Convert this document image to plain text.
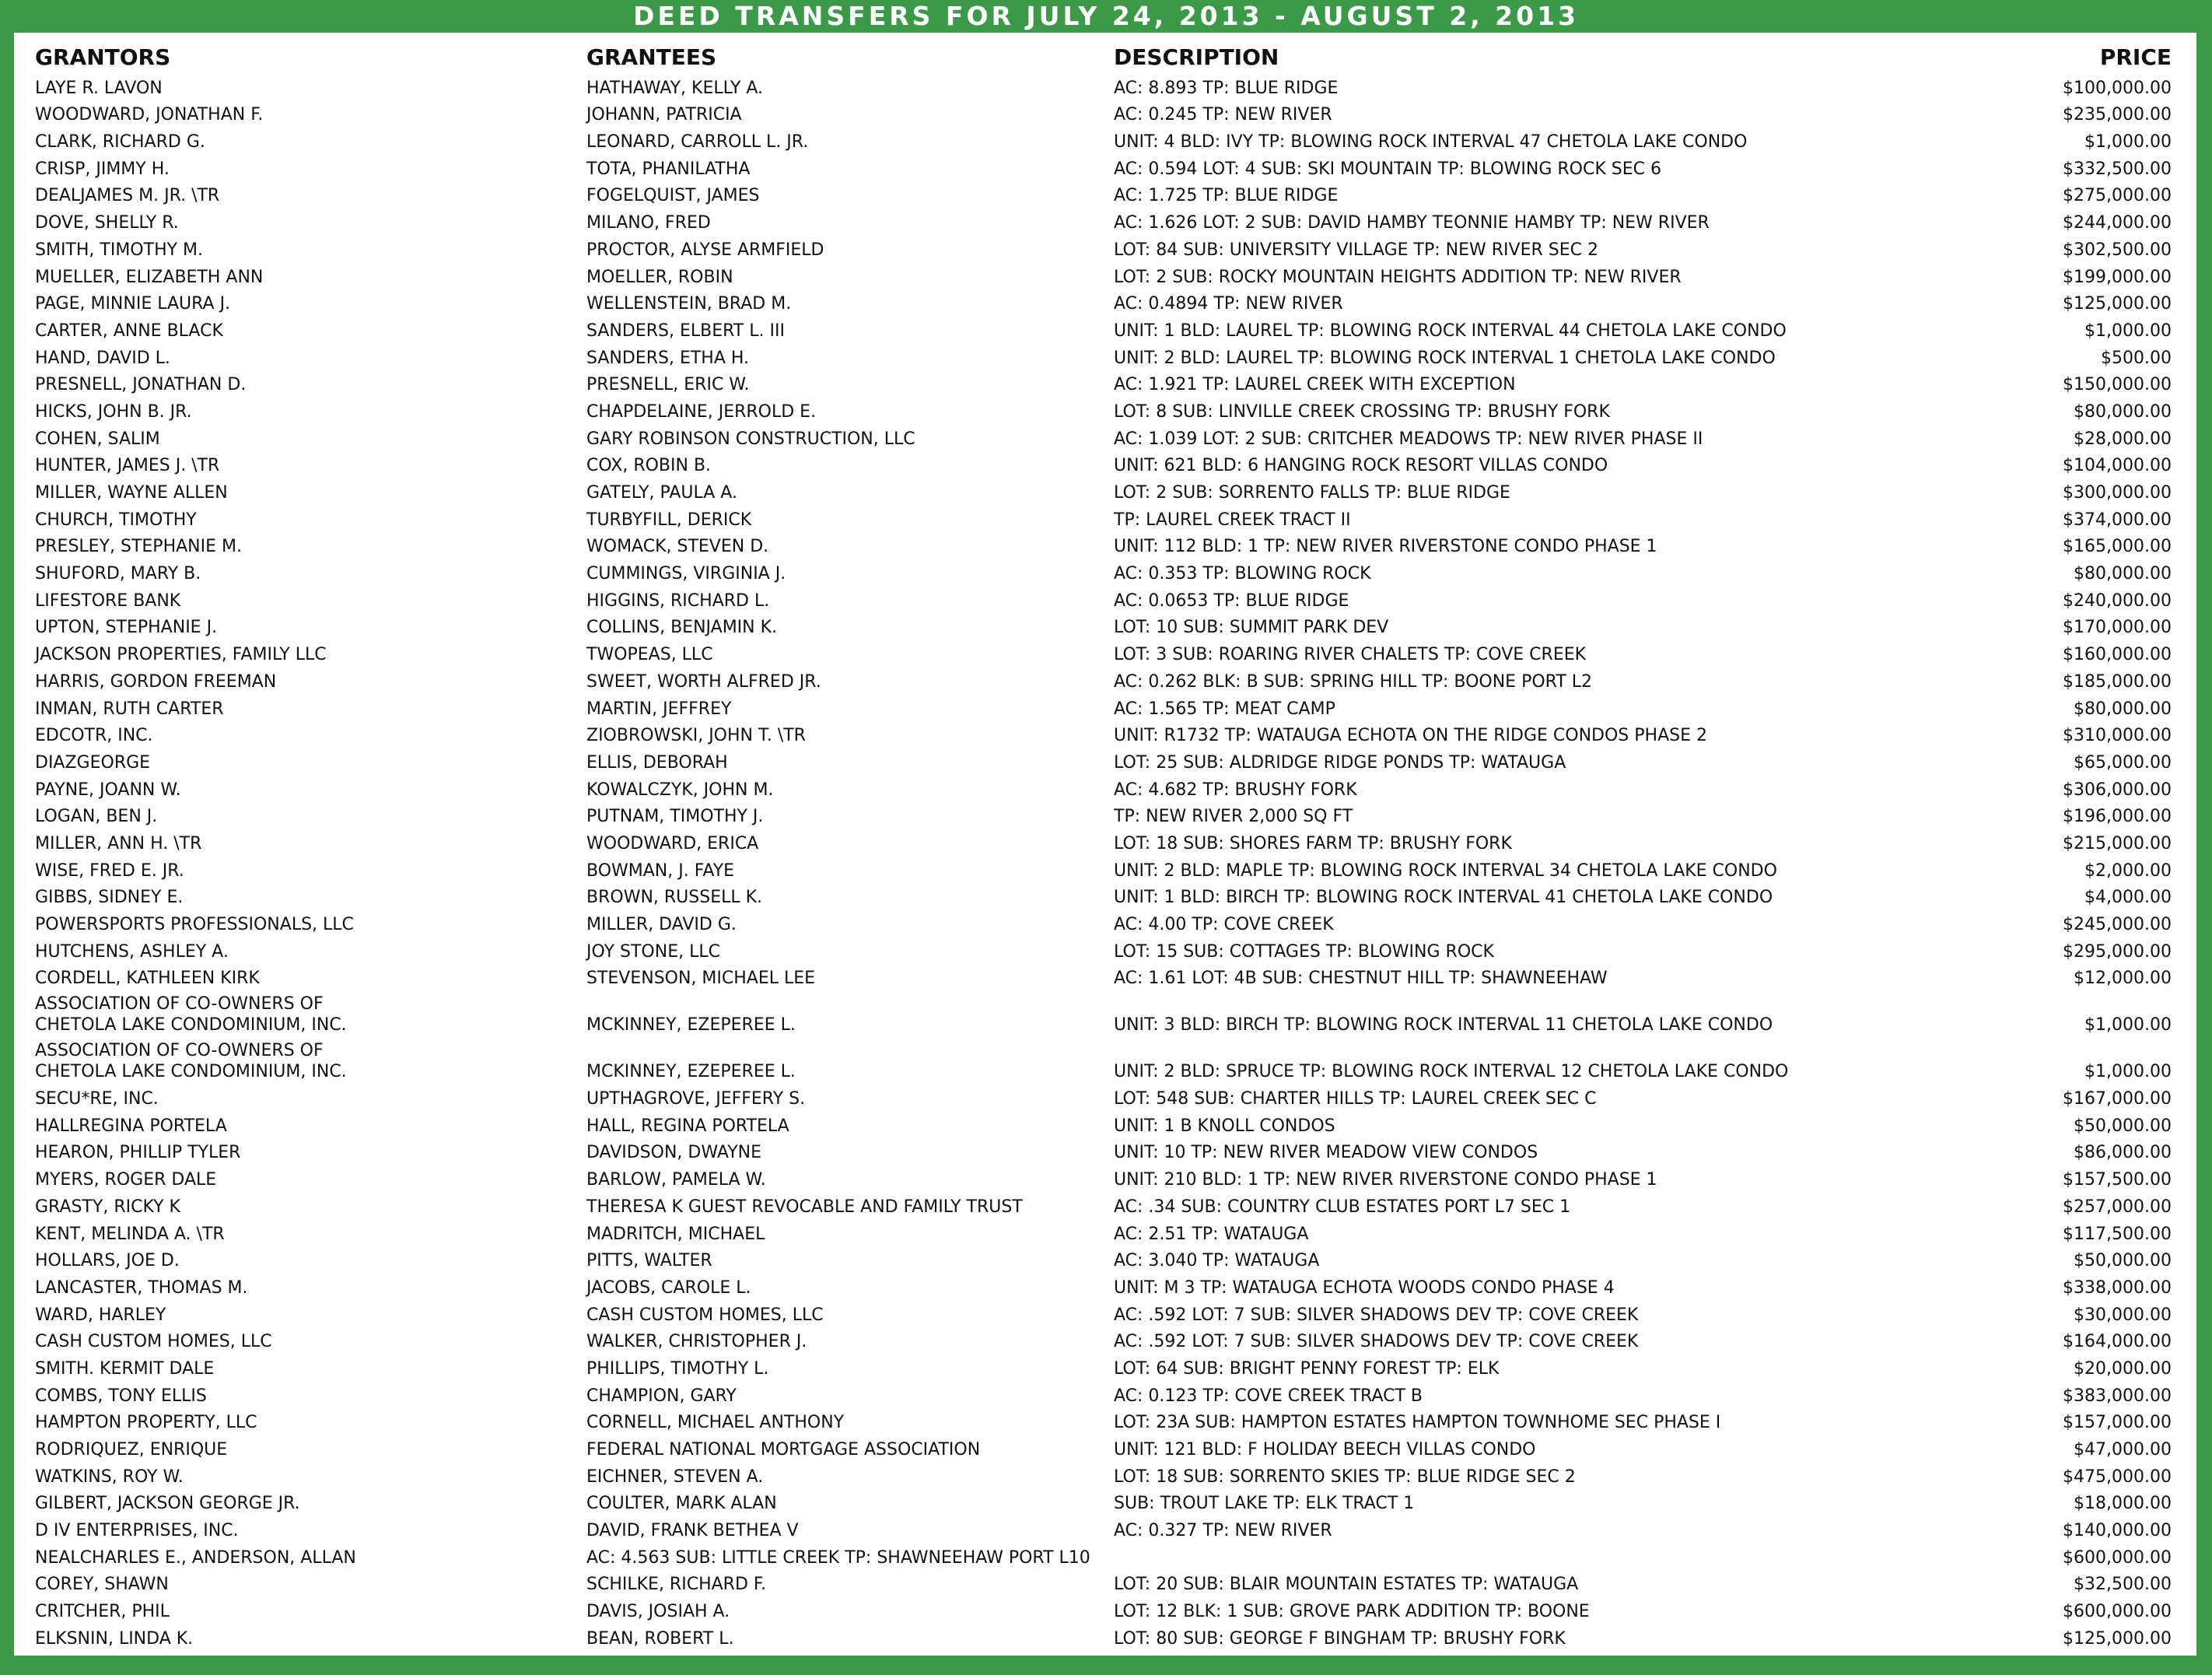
DEED TRANSFERS FOR JULY 24, 2013 - AUGUST 2, 2013
GRANTORS	GRANTEES	DESCRIPTION	PRICE
LAYE R. LAVON	HATHAWAY, KELLY A.	AC: 8.893 TP: BLUE RIDGE	$100,000.00
WOODWARD, JONATHAN F.	JOHANN, PATRICIA	AC: 0.245 TP: NEW RIVER	$235,000.00
CLARK, RICHARD G.	LEONARD, CARROLL L. JR.	UNIT: 4 BLD: IVY TP: BLOWING ROCK INTERVAL 47 CHETOLA LAKE CONDO	$1,000.00
CRISP, JIMMY H.	TOTA, PHANILATHA	AC: 0.594 LOT: 4 SUB: SKI MOUNTAIN TP: BLOWING ROCK SEC 6	$332,500.00
DEALJAMES M. JR. \TR	FOGELQUIST, JAMES	AC: 1.725 TP: BLUE RIDGE	$275,000.00
DOVE, SHELLY R.	MILANO, FRED	AC: 1.626 LOT: 2 SUB: DAVID HAMBY TEONNIE HAMBY TP: NEW RIVER	$244,000.00
SMITH, TIMOTHY M.	PROCTOR, ALYSE ARMFIELD	LOT: 84 SUB: UNIVERSITY VILLAGE TP: NEW RIVER SEC 2	$302,500.00
MUELLER, ELIZABETH ANN	MOELLER, ROBIN	LOT: 2 SUB: ROCKY MOUNTAIN HEIGHTS ADDITION TP: NEW RIVER	$199,000.00
PAGE, MINNIE LAURA J.	WELLENSTEIN, BRAD M.	AC: 0.4894 TP: NEW RIVER	$125,000.00
CARTER, ANNE BLACK	SANDERS, ELBERT L. III	UNIT: 1 BLD: LAUREL TP: BLOWING ROCK INTERVAL 44 CHETOLA LAKE CONDO	$1,000.00
HAND, DAVID L.	SANDERS, ETHA H.	UNIT: 2 BLD: LAUREL TP: BLOWING ROCK INTERVAL 1 CHETOLA LAKE CONDO	$500.00
PRESNELL, JONATHAN D.	PRESNELL, ERIC W.	AC: 1.921 TP: LAUREL CREEK WITH EXCEPTION	$150,000.00
HICKS, JOHN B. JR.	CHAPDELAINE, JERROLD E.	LOT: 8 SUB: LINVILLE CREEK CROSSING TP: BRUSHY FORK	$80,000.00
COHEN, SALIM	GARY ROBINSON CONSTRUCTION, LLC	AC: 1.039 LOT: 2 SUB: CRITCHER MEADOWS TP: NEW RIVER PHASE II	$28,000.00
HUNTER, JAMES J. \TR	COX, ROBIN B.	UNIT: 621 BLD: 6 HANGING ROCK RESORT VILLAS CONDO	$104,000.00
MILLER, WAYNE ALLEN	GATELY, PAULA A.	LOT: 2 SUB: SORRENTO FALLS TP: BLUE RIDGE	$300,000.00
CHURCH, TIMOTHY	TURBYFILL, DERICK	TP: LAUREL CREEK TRACT II	$374,000.00
PRESLEY, STEPHANIE M.	WOMACK, STEVEN D.	UNIT: 112 BLD: 1 TP: NEW RIVER RIVERSTONE CONDO PHASE 1	$165,000.00
SHUFORD, MARY B.	CUMMINGS, VIRGINIA J.	AC: 0.353 TP: BLOWING ROCK	$80,000.00
LIFESTORE BANK	HIGGINS, RICHARD L.	AC: 0.0653 TP: BLUE RIDGE	$240,000.00
UPTON, STEPHANIE J.	COLLINS, BENJAMIN K.	LOT: 10 SUB: SUMMIT PARK DEV	$170,000.00
JACKSON PROPERTIES, FAMILY LLC	TWOPEAS, LLC	LOT: 3 SUB: ROARING RIVER CHALETS TP: COVE CREEK	$160,000.00
HARRIS, GORDON FREEMAN	SWEET, WORTH ALFRED JR.	AC: 0.262 BLK: B SUB: SPRING HILL TP: BOONE PORT L2	$185,000.00
INMAN, RUTH CARTER	MARTIN, JEFFREY	AC: 1.565 TP: MEAT CAMP	$80,000.00
EDCOTR, INC.	ZIOBROWSKI, JOHN T. \TR	UNIT: R1732 TP: WATAUGA ECHOTA ON THE RIDGE CONDOS PHASE 2	$310,000.00
DIAZGEORGE	ELLIS, DEBORAH	LOT: 25 SUB: ALDRIDGE RIDGE PONDS TP: WATAUGA	$65,000.00
PAYNE, JOANN W.	KOWALCZYK, JOHN M.	AC: 4.682 TP: BRUSHY FORK	$306,000.00
LOGAN, BEN J.	PUTNAM, TIMOTHY J.	TP: NEW RIVER 2,000 SQ FT	$196,000.00
MILLER, ANN H. \TR	WOODWARD, ERICA	LOT: 18 SUB: SHORES FARM TP: BRUSHY FORK	$215,000.00
WISE, FRED E. JR.	BOWMAN, J. FAYE	UNIT: 2 BLD: MAPLE TP: BLOWING ROCK INTERVAL 34 CHETOLA LAKE CONDO	$2,000.00
GIBBS, SIDNEY E.	BROWN, RUSSELL K.	UNIT: 1 BLD: BIRCH TP: BLOWING ROCK INTERVAL 41 CHETOLA LAKE CONDO	$4,000.00
POWERSPORTS PROFESSIONALS, LLC	MILLER, DAVID G.	AC: 4.00 TP: COVE CREEK	$245,000.00
HUTCHENS, ASHLEY A.	JOY STONE, LLC	LOT: 15 SUB: COTTAGES TP: BLOWING ROCK	$295,000.00
CORDELL, KATHLEEN KIRK	STEVENSON, MICHAEL LEE	AC: 1.61 LOT: 4B SUB: CHESTNUT HILL TP: SHAWNEEHAW	$12,000.00
ASSOCIATION OF CO-OWNERS OF
CHETOLA LAKE CONDOMINIUM, INC.	MCKINNEY, EZEPEREE L.	UNIT: 3 BLD: BIRCH TP: BLOWING ROCK INTERVAL 11 CHETOLA LAKE CONDO	$1,000.00
ASSOCIATION OF CO-OWNERS OF
CHETOLA LAKE CONDOMINIUM, INC.	MCKINNEY, EZEPEREE L.	UNIT: 2 BLD: SPRUCE TP: BLOWING ROCK INTERVAL 12 CHETOLA LAKE CONDO	$1,000.00
SECU*RE, INC.	UPTHAGROVE, JEFFERY S.	LOT: 548 SUB: CHARTER HILLS TP: LAUREL CREEK SEC C	$167,000.00
HALLREGINA PORTELA	HALL, REGINA PORTELA	UNIT: 1 B KNOLL CONDOS	$50,000.00
HEARON, PHILLIP TYLER	DAVIDSON, DWAYNE	UNIT: 10 TP: NEW RIVER MEADOW VIEW CONDOS	$86,000.00
MYERS, ROGER DALE	BARLOW, PAMELA W.	UNIT: 210 BLD: 1 TP: NEW RIVER RIVERSTONE CONDO PHASE 1	$157,500.00
GRASTY, RICKY K	THERESA K GUEST REVOCABLE AND FAMILY TRUST	AC: .34 SUB: COUNTRY CLUB ESTATES PORT L7 SEC 1	$257,000.00
KENT, MELINDA A. \TR	MADRITCH, MICHAEL	AC: 2.51 TP: WATAUGA	$117,500.00
HOLLARS, JOE D.	PITTS, WALTER	AC: 3.040 TP: WATAUGA	$50,000.00
LANCASTER, THOMAS M.	JACOBS, CAROLE L.	UNIT: M 3 TP: WATAUGA ECHOTA WOODS CONDO PHASE 4	$338,000.00
WARD, HARLEY	CASH CUSTOM HOMES, LLC	AC: .592 LOT: 7 SUB: SILVER SHADOWS DEV TP: COVE CREEK	$30,000.00
CASH CUSTOM HOMES, LLC	WALKER, CHRISTOPHER J.	AC: .592 LOT: 7 SUB: SILVER SHADOWS DEV TP: COVE CREEK	$164,000.00
SMITH. KERMIT DALE	PHILLIPS, TIMOTHY L.	LOT: 64 SUB: BRIGHT PENNY FOREST TP: ELK	$20,000.00
COMBS, TONY ELLIS	CHAMPION, GARY	AC: 0.123 TP: COVE CREEK TRACT B	$383,000.00
HAMPTON PROPERTY, LLC	CORNELL, MICHAEL ANTHONY	LOT: 23A SUB: HAMPTON ESTATES HAMPTON TOWNHOME SEC PHASE I	$157,000.00
RODRIQUEZ, ENRIQUE	FEDERAL NATIONAL MORTGAGE ASSOCIATION	UNIT: 121 BLD: F HOLIDAY BEECH VILLAS CONDO	$47,000.00
WATKINS, ROY W.	EICHNER, STEVEN A.	LOT: 18 SUB: SORRENTO SKIES TP: BLUE RIDGE SEC 2	$475,000.00
GILBERT, JACKSON GEORGE JR.	COULTER, MARK ALAN	SUB: TROUT LAKE TP: ELK TRACT 1	$18,000.00
D IV ENTERPRISES, INC.	DAVID, FRANK BETHEA V	AC: 0.327 TP: NEW RIVER	$140,000.00
NEALCHARLES E., ANDERSON, ALLAN	AC: 4.563 SUB: LITTLE CREEK TP: SHAWNEEHAW PORT L10	$600,000.00
COREY, SHAWN	SCHILKE, RICHARD F.	LOT: 20 SUB: BLAIR MOUNTAIN ESTATES TP: WATAUGA	$32,500.00
CRITCHER, PHIL	DAVIS, JOSIAH A.	LOT: 12 BLK: 1 SUB: GROVE PARK ADDITION TP: BOONE	$600,000.00
ELKSNIN, LINDA K.	BEAN, ROBERT L.	LOT: 80 SUB: GEORGE F BINGHAM TP: BRUSHY FORK	$125,000.00
